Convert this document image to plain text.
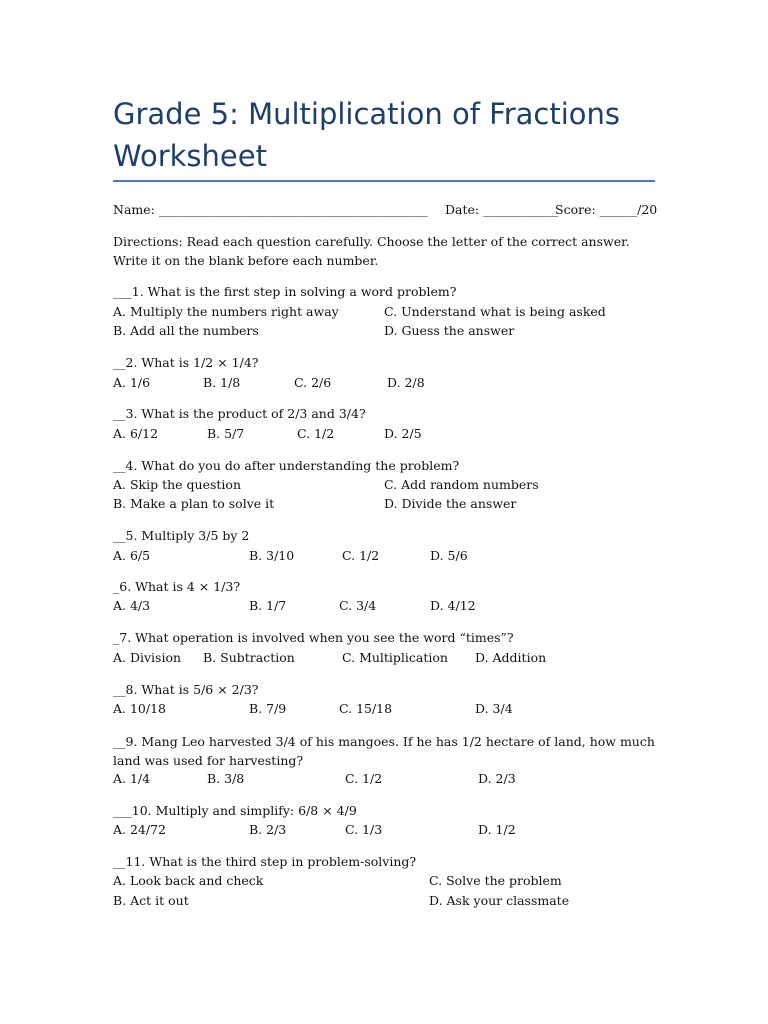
Grade 5: Multiplication of Fractions Worksheet
Name: ___________________________________________ Date: ____________
Score: ______/20
Directions: Read each question carefully. Choose the letter of the correct answer. Write it on the blank before each number.
___1. What is the first step in solving a word problem?
A. Multiply the numbers right away	C. Understand what is being asked
B. Add all the numbers	D. Guess the answer
__2. What is 1/2 × 1/4?
A. 1/6	B. 1/8	C. 2/6	D. 2/8
__3. What is the product of 2/3 and 3/4?
A. 6/12	B. 5/7	C. 1/2	D. 2/5
__4. What do you do after understanding the problem?
A. Skip the question	C. Add random numbers
B. Make a plan to solve it	D. Divide the answer
__5. Multiply 3/5 by 2
A. 6/5	B. 3/10	C. 1/2	D. 5/6
_6. What is 4 × 1/3?
A. 4/3	B. 1/7	C. 3/4	D. 4/12
_7. What operation is involved when you see the word “times”?
A. Division B. Subtraction	C. Multiplication D. Addition
__8. What is 5/6 × 2/3?
A. 10/18	B. 7/9	C. 15/18	D. 3/4
__9. Mang Leo harvested 3/4 of his mangoes. If he has 1/2 hectare of land, how much land was used for harvesting?
A. 1/4	B. 3/8	C. 1/2	D. 2/3
___10. Multiply and simplify: 6/8 × 4/9
A. 24/72	B. 2/3	C. 1/3	D. 1/2
__11. What is the third step in problem-solving?
A. Look back and check	C. Solve the problem
B. Act it out	D. Ask your classmate
